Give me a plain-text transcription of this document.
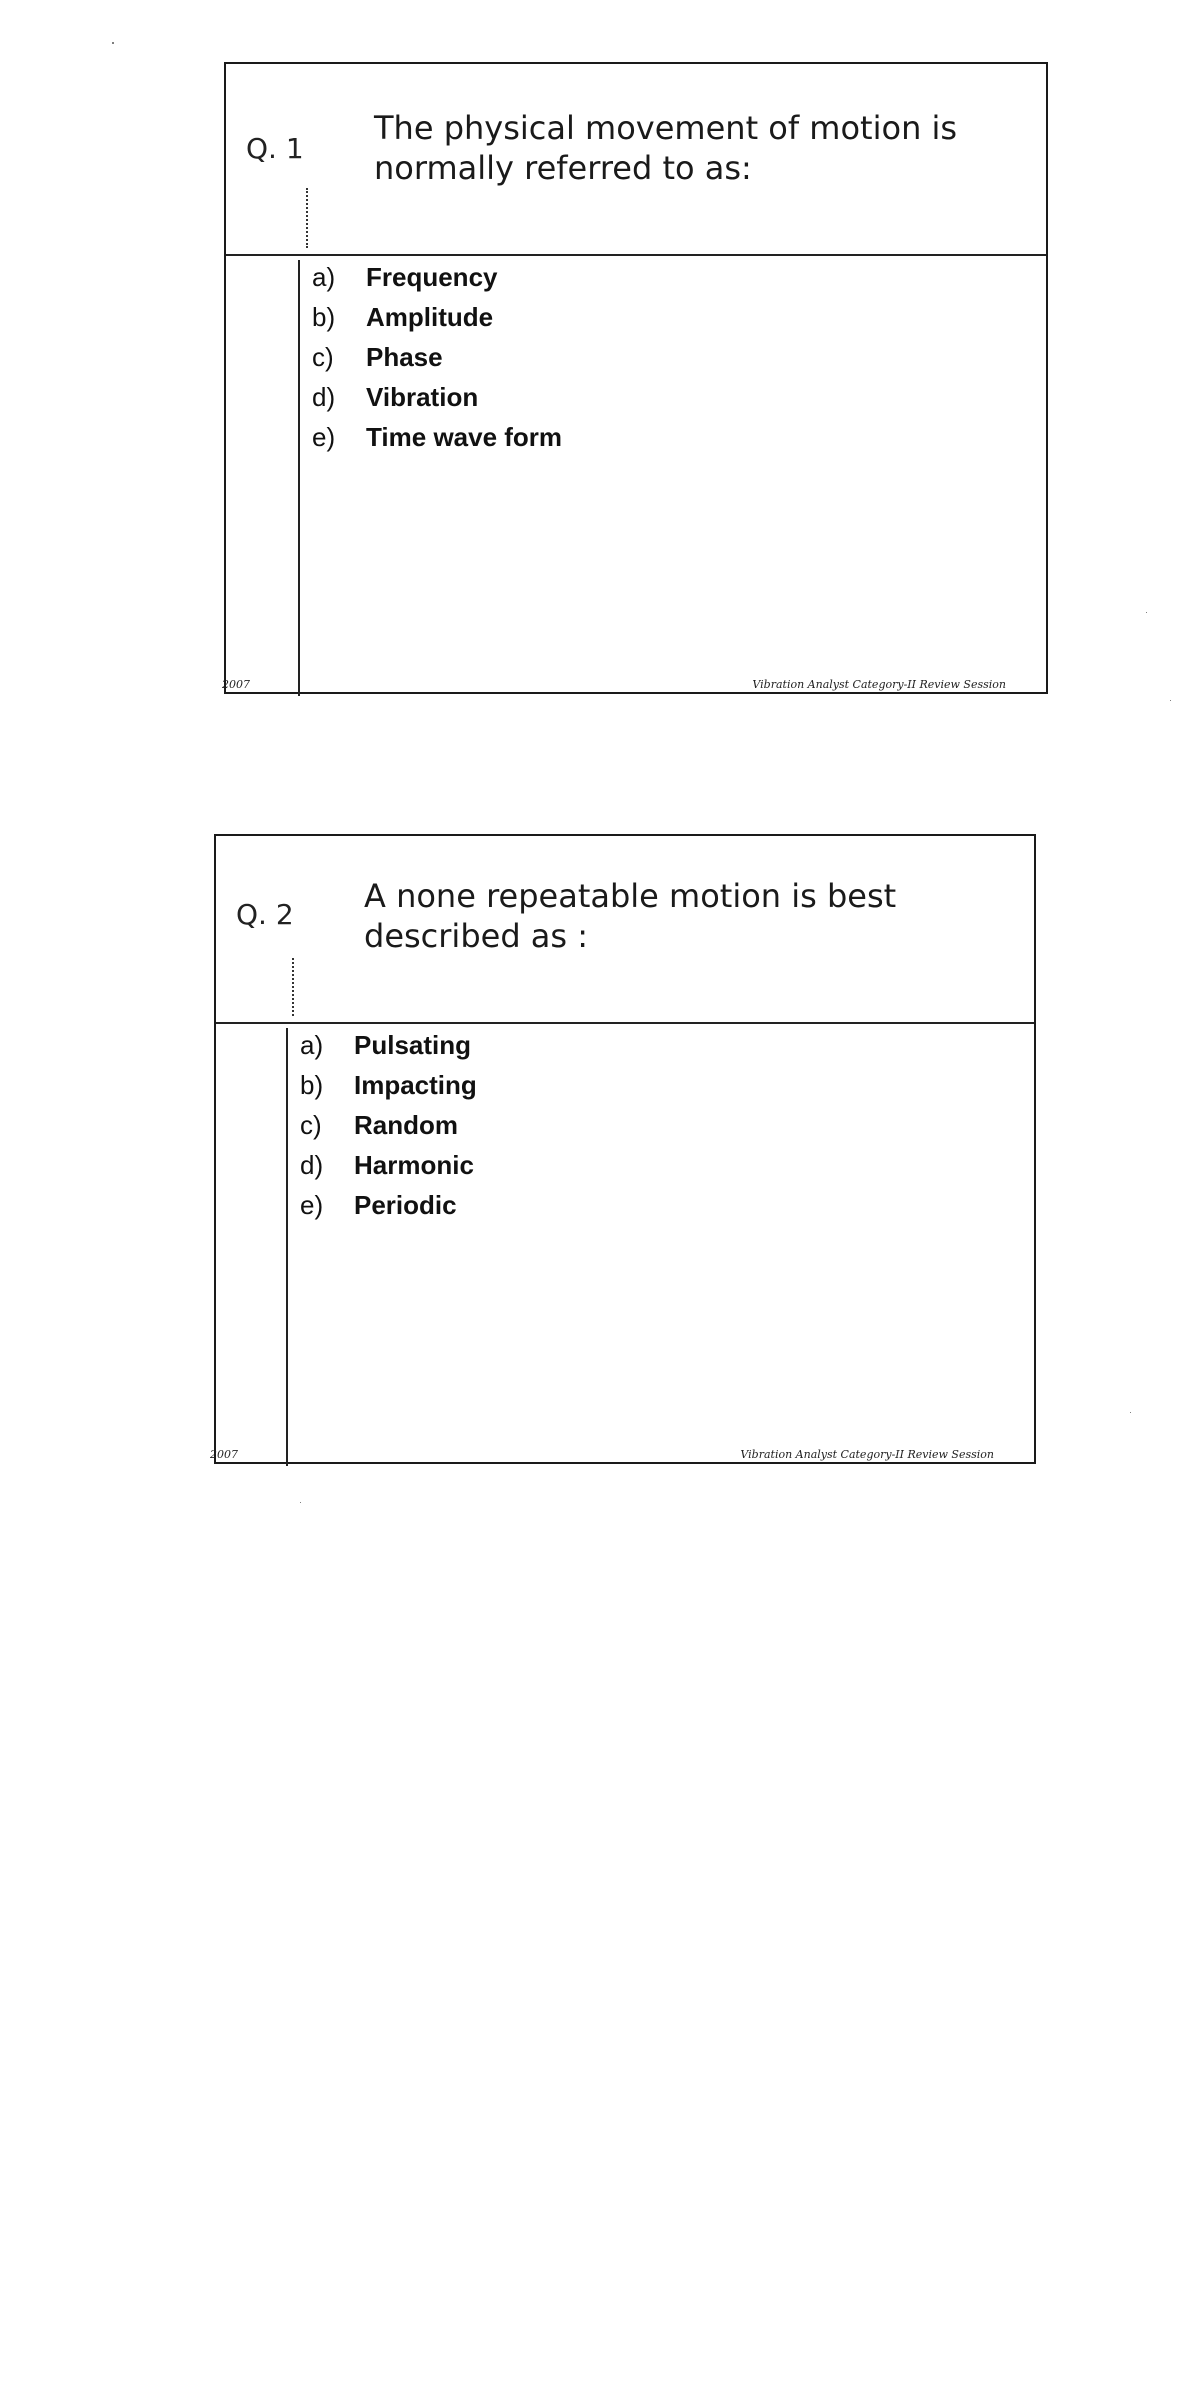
Q. 1

The physical movement of motion is normally referred to as:

a)	Frequency
b)	Amplitude
c)	Phase
d)	Vibration
e)	Time wave form
2007	Vibration Analyst Category-II Review Session
Q. 2 A none repeatable motion is best described as :

a)	Pulsating
b)	Impacting
c)	Random
d)	Harmonic
e)	Periodic
2007	Vibration Analyst Category-II Review Session
